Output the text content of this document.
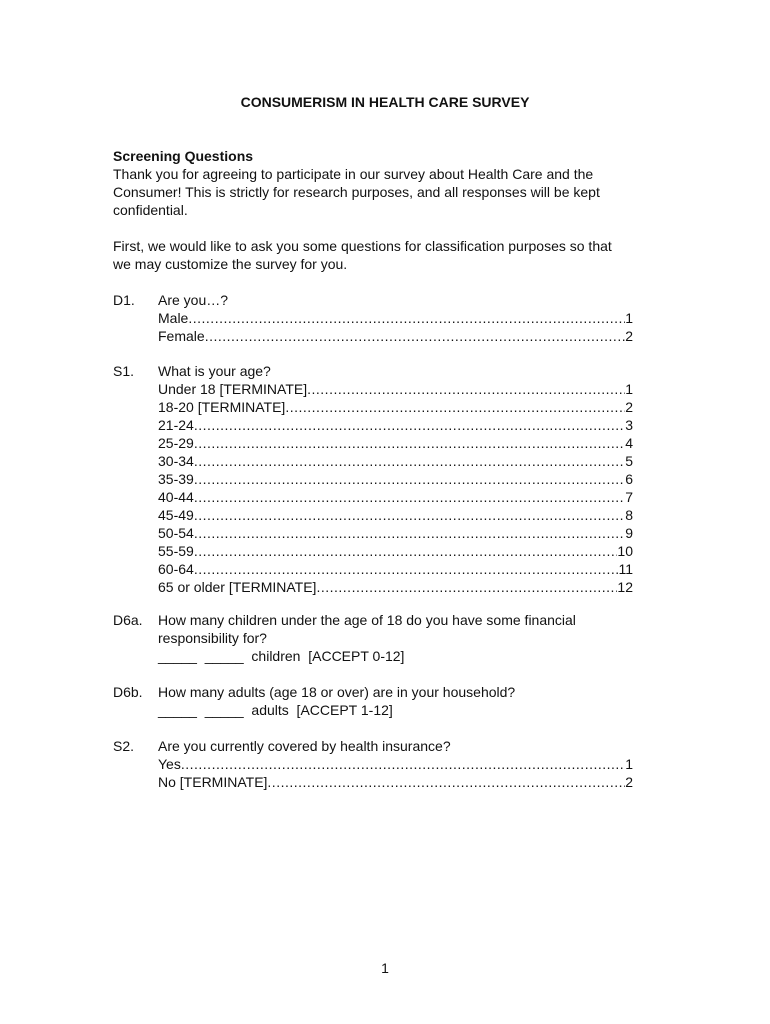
CONSUMERISM IN HEALTH CARE SURVEY
Screening Questions
Thank you for agreeing to participate in our survey about Health Care and the
Consumer! This is strictly for research purposes, and all responses will be kept
confidential.
First, we would like to ask you some questions for classification purposes so that
we may customize the survey for you.
D1. Are you…?
Male .....	1
Female .....	2
S1. What is your age?
Under 18 [TERMINATE] .....	1
18-20 [TERMINATE] .....	2
21-24 .....	3
25-29 .....	4
30-34 .....	5
35-39 .....	6
40-44 .....	7
45-49 .....	8
50-54 .....	9
55-59 .....	10
60-64 .....	11
65 or older [TERMINATE] .....	12
D6a. How many children under the age of 18 do you have some financial
responsibility for?
_____  _____  children  [ACCEPT 0-12]
D6b. How many adults (age 18 or over) are in your household?
_____  _____  adults  [ACCEPT 1-12]
S2. Are you currently covered by health insurance?
Yes .....	1
No [TERMINATE] .....	2
1
